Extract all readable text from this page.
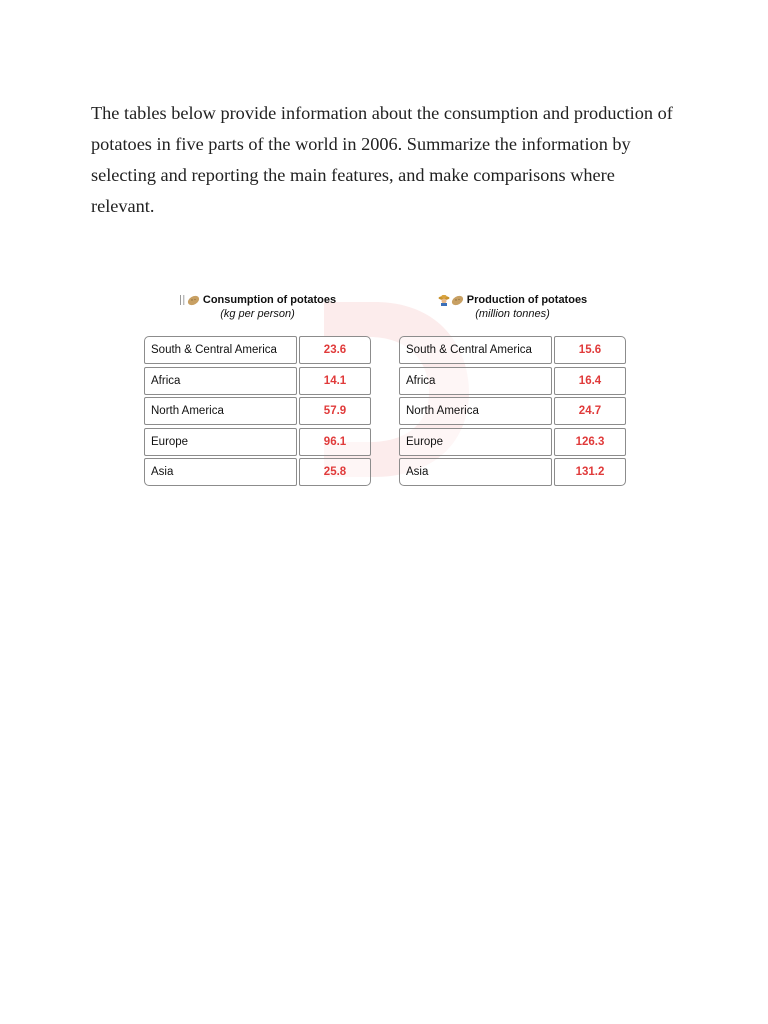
The tables below provide information about the consumption and production of potatoes in five parts of the world in 2006. Summarize the information by selecting and reporting the main features, and make comparisons where relevant.

Consumption of potatoes
(kg per person)
South & Central America	23.6
Africa	14.1
North America	57.9
Europe	96.1
Asia	25.8
Production of potatoes
(million tonnes)
South & Central America	15.6
Africa	16.4
North America	24.7
Europe	126.3
Asia	131.2
